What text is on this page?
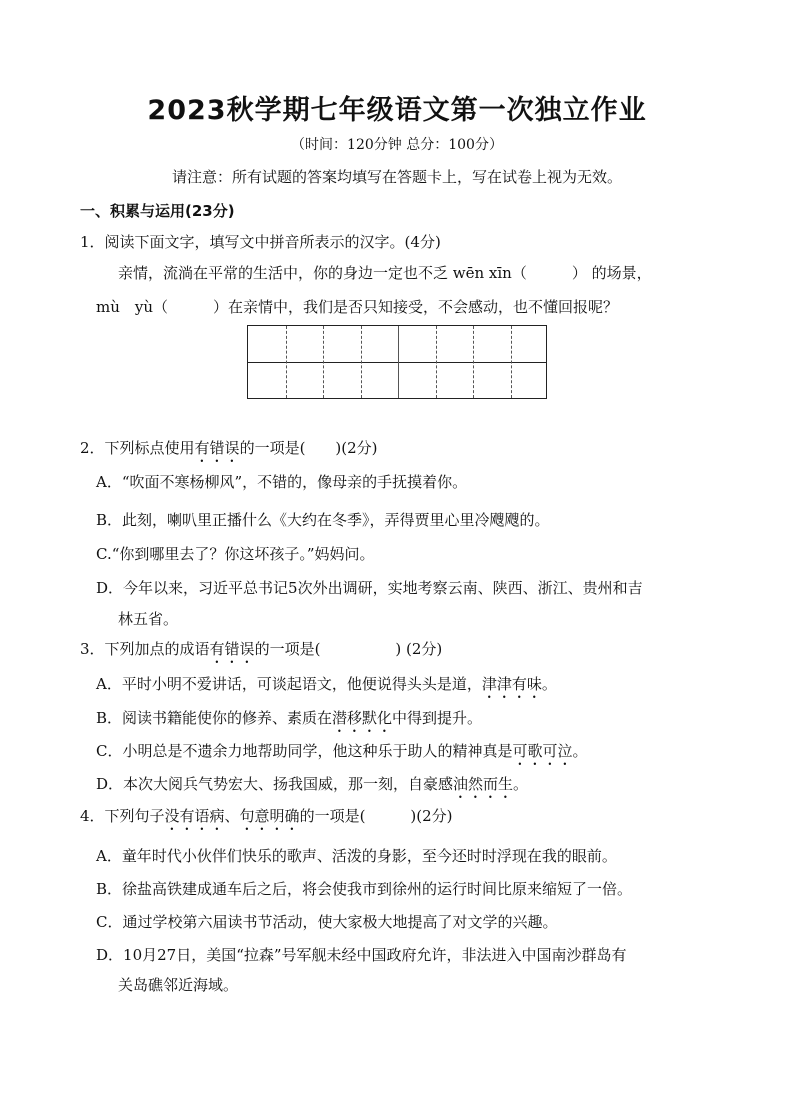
2023秋学期七年级语文第一次独立作业
（时间：120分钟 总分：100分）
请注意：所有试题的答案均填写在答题卡上，写在试卷上视为无效。
一、积累与运用(23分)
1．阅读下面文字，填写文中拼音所表示的汉字。(4分)
亲情，流淌在平常的生活中，你的身边一定也不乏 wēn xīn（　　　） 的场景，
mù　yù（　　　）在亲情中，我们是否只知接受，不会感动，也不懂回报呢？
2．下列标点使用有错误的一项是(　　)(2分)
A．“吹面不寒杨柳风”，不错的，像母亲的手抚摸着你。
B．此刻，喇叭里正播什么《大约在冬季》，弄得贾里心里冷飕飕的。
C.“你到哪里去了？你这坏孩子。”妈妈问。
D．今年以来，习近平总书记5次外出调研，实地考察云南、陕西、浙江、贵州和吉
林五省。
3．下列加点的成语有错误的一项是(　　　　　) (2分)
A．平时小明不爱讲话，可谈起语文，他便说得头头是道，津津有味。
B．阅读书籍能使你的修养、素质在潜移默化中得到提升。
C．小明总是不遗余力地帮助同学，他这种乐于助人的精神真是可歌可泣。
D．本次大阅兵气势宏大、扬我国威，那一刻，自豪感油然而生。
4．下列句子没有语病、句意明确的一项是(　　　)(2分)
A．童年时代小伙伴们快乐的歌声、活泼的身影，至今还时时浮现在我的眼前。
B．徐盐高铁建成通车后之后，将会使我市到徐州的运行时间比原来缩短了一倍。
C．通过学校第六届读书节活动，使大家极大地提高了对文学的兴趣。
D．10月27日，美国“拉森”号军舰未经中国政府允许，非法进入中国南沙群岛有
关岛礁邻近海域。
